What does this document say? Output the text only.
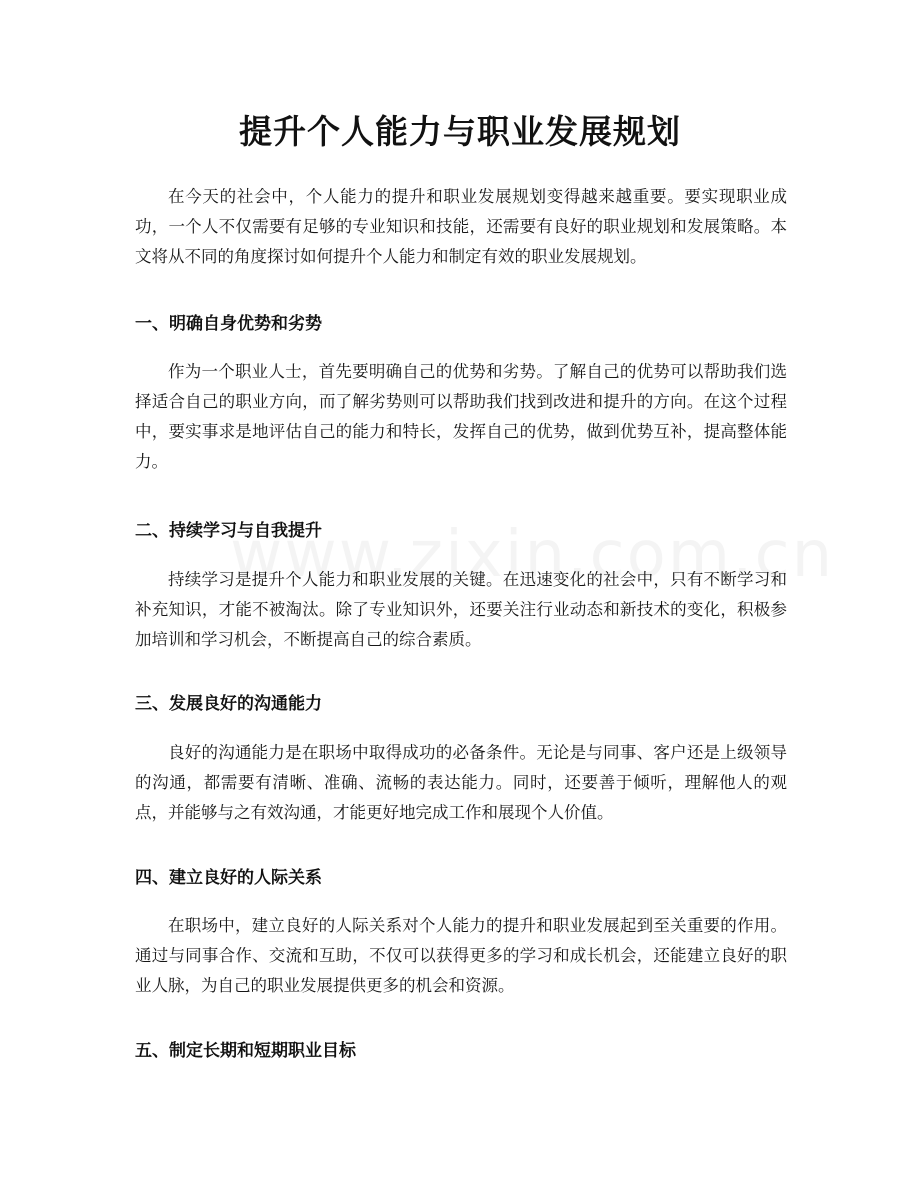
提升个人能力与职业发展规划

在今天的社会中，个人能力的提升和职业发展规划变得越来越重要。要实现职业成功，一个人不仅需要有足够的专业知识和技能，还需要有良好的职业规划和发展策略。本文将从不同的角度探讨如何提升个人能力和制定有效的职业发展规划。

一、明确自身优势和劣势

作为一个职业人士，首先要明确自己的优势和劣势。了解自己的优势可以帮助我们选择适合自己的职业方向，而了解劣势则可以帮助我们找到改进和提升的方向。在这个过程中，要实事求是地评估自己的能力和特长，发挥自己的优势，做到优势互补，提高整体能力。

二、持续学习与自我提升

持续学习是提升个人能力和职业发展的关键。在迅速变化的社会中，只有不断学习和补充知识，才能不被淘汰。除了专业知识外，还要关注行业动态和新技术的变化，积极参加培训和学习机会，不断提高自己的综合素质。

三、发展良好的沟通能力

良好的沟通能力是在职场中取得成功的必备条件。无论是与同事、客户还是上级领导的沟通，都需要有清晰、准确、流畅的表达能力。同时，还要善于倾听，理解他人的观点，并能够与之有效沟通，才能更好地完成工作和展现个人价值。

四、建立良好的人际关系

在职场中，建立良好的人际关系对个人能力的提升和职业发展起到至关重要的作用。通过与同事合作、交流和互助，不仅可以获得更多的学习和成长机会，还能建立良好的职业人脉，为自己的职业发展提供更多的机会和资源。

五、制定长期和短期职业目标
